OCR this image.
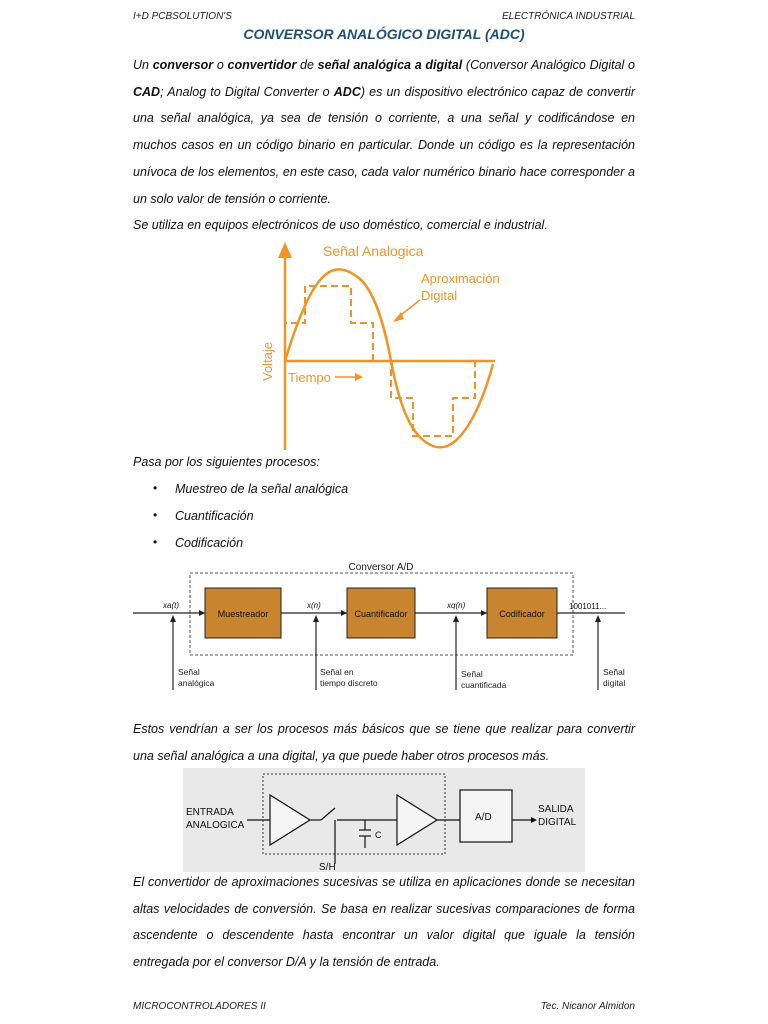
I+D PCBSOLUTION'S	ELECTRÓNICA INDUSTRIAL
CONVERSOR ANALÓGICO DIGITAL (ADC)
Un conversor o convertidor de señal analógica a digital (Conversor Analógico Digital o CAD; Analog to Digital Converter o ADC) es un dispositivo electrónico capaz de convertir una señal analógica, ya sea de tensión o corriente, a una señal y codificándose en muchos casos en un código binario en particular. Donde un código es la representación unívoca de los elementos, en este caso, cada valor numérico binario hace corresponder a un solo valor de tensión o corriente.
Se utiliza en equipos electrónicos de uso doméstico, comercial e industrial.
Señal Analogica
Aproximación
Digital
Voltaje Tiempo
Pasa por los siguientes procesos:
• Muestreo de la señal analógica
• Cuantificación
• Codificación
Conversor A/D
Muestreador	Cuantificador	Codificador
xa(t)	x(n)	xq(n)	1001011...
Señal
analógica
Señal en
tiempo discreto
Señal
cuantificada
Señal
digital
Estos vendrían a ser los procesos más básicos que se tiene que realizar para convertir una señal analógica a una digital, ya que puede haber otros procesos más.
ENTRADA
ANALOGICA
C
S/H
A/D
SALIDA
DIGITAL
El convertidor de aproximaciones sucesivas se utiliza en aplicaciones donde se necesitan altas velocidades de conversión. Se basa en realizar sucesivas comparaciones de forma ascendente o descendente hasta encontrar un valor digital que iguale la tensión entregada por el conversor D/A y la tensión de entrada.
MICROCONTROLADORES II	Tec. Nicanor Almidon
